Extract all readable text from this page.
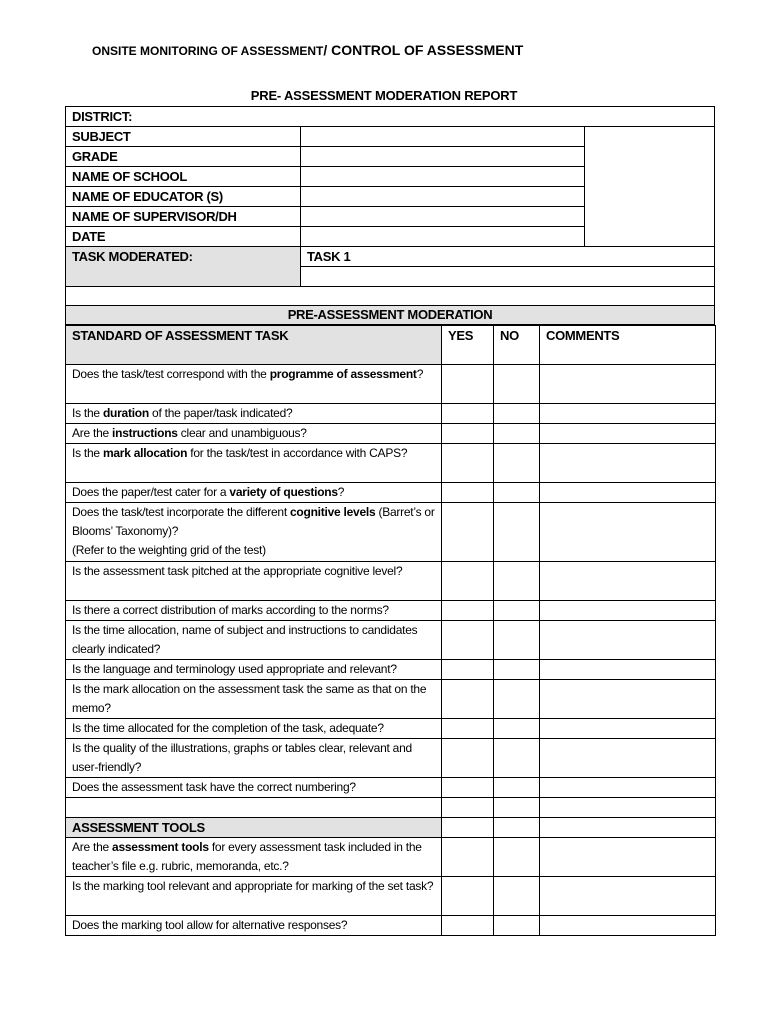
ONSITE MONITORING OF ASSESSMENT/ CONTROL OF ASSESSMENT
PRE- ASSESSMENT MODERATION REPORT
DISTRICT:
SUBJECT
GRADE
NAME OF SCHOOL
NAME OF EDUCATOR (S)
NAME OF SUPERVISOR/DH
DATE
TASK MODERATED:	TASK 1
PRE-ASSESSMENT MODERATION
STANDARD OF ASSESSMENT TASK	YES	NO	COMMENTS
Does the task/test correspond with the programme of assessment?			
Is the duration of the paper/task indicated?			
Are the instructions clear and unambiguous?			
Is the mark allocation for the task/test in accordance with CAPS?			
Does the paper/test cater for a variety of questions?			
Does the task/test incorporate the different cognitive levels (Barret’s or Blooms’ Taxonomy)?
(Refer to the weighting grid of the test)			
Is the assessment task pitched at the appropriate cognitive level?			
Is there a correct distribution of marks according to the norms?			
Is the time allocation, name of subject and instructions to candidates clearly indicated?			
Is the language and terminology used appropriate and relevant?			
Is the mark allocation on the assessment task the same as that on the memo?			
Is the time allocated for the completion of the task, adequate?			
Is the quality of the illustrations, graphs or tables clear, relevant and user-friendly?			
Does the assessment task have the correct numbering?			

ASSESSMENT TOOLS			
Are the assessment tools for every assessment task included in the teacher’s file e.g. rubric, memoranda, etc.?			
Is the marking tool relevant and appropriate for marking of the set task?			
Does the marking tool allow for alternative responses?			
